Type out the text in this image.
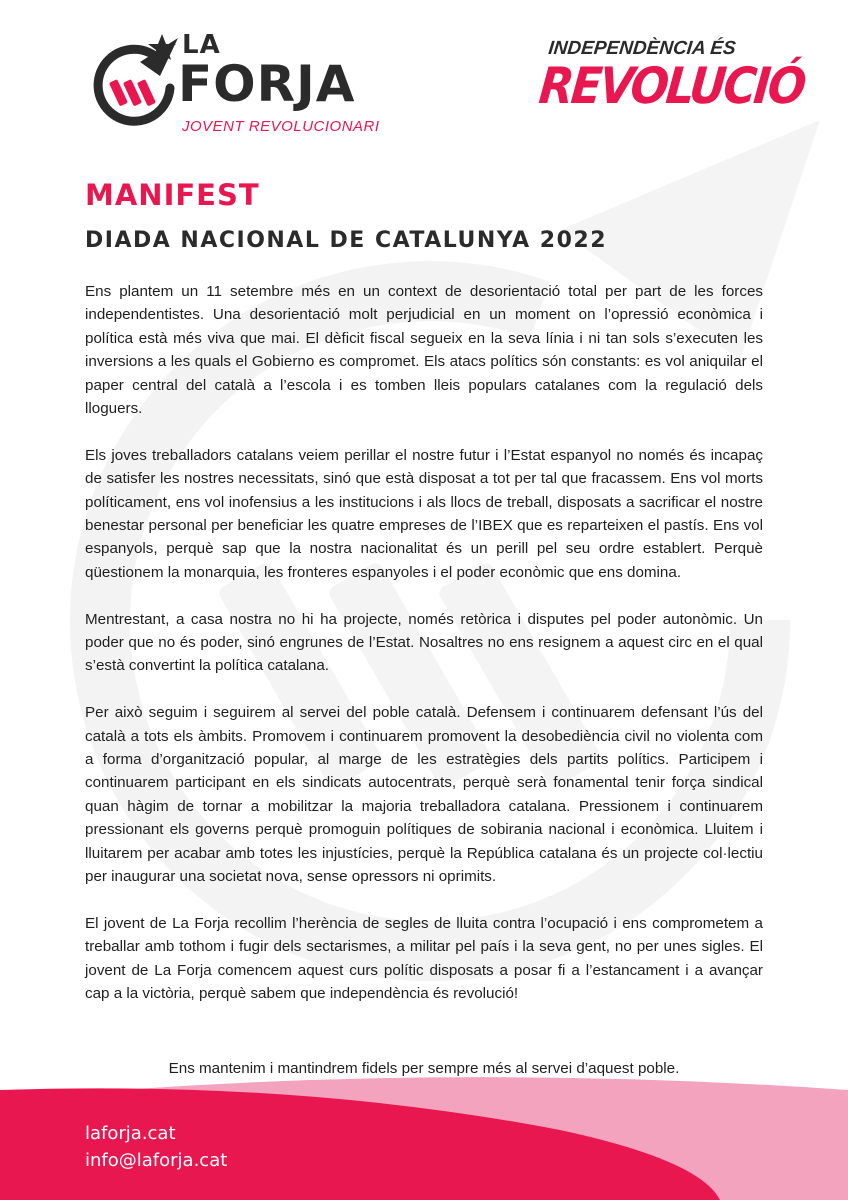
LA
FORJA
JOVENT REVOLUCIONARI
INDEPENDÈNCIA ÉS
REVOLUCIÓ
MANIFEST
DIADA NACIONAL DE CATALUNYA 2022

Ens plantem un 11 setembre més en un context de desorientació total per part de les forces independentistes. Una desorientació molt perjudicial en un moment on l’opressió econòmica i política està més viva que mai. El dèficit fiscal segueix en la seva línia i ni tan sols s’executen les inversions a les quals el Gobierno es compromet. Els atacs polítics són constants: es vol aniquilar el paper central del català a l’escola i es tomben lleis populars catalanes com la regulació dels lloguers.

Els joves treballadors catalans veiem perillar el nostre futur i l’Estat espanyol no només és incapaç de satisfer les nostres necessitats, sinó que està disposat a tot per tal que fracassem. Ens vol morts políticament, ens vol inofensius a les institucions i als llocs de treball, disposats a sacrificar el nostre benestar personal per beneficiar les quatre empreses de l’IBEX que es reparteixen el pastís. Ens vol espanyols, perquè sap que la nostra nacionalitat és un perill pel seu ordre establert. Perquè qüestionem la monarquia, les fronteres espanyoles i el poder econòmic que ens domina.

Mentrestant, a casa nostra no hi ha projecte, només retòrica i disputes pel poder autonòmic. Un poder que no és poder, sinó engrunes de l’Estat. Nosaltres no ens resignem a aquest circ en el qual s’està convertint la política catalana.

Per això seguim i seguirem al servei del poble català. Defensem i continuarem defensant l’ús del català a tots els àmbits. Promovem i continuarem promovent la desobediència civil no violenta com a forma d’organització popular, al marge de les estratègies dels partits polítics. Participem i continuarem participant en els sindicats autocentrats, perquè serà fonamental tenir força sindical quan hàgim de tornar a mobilitzar la majoria treballadora catalana. Pressionem i continuarem pressionant els governs perquè promoguin polítiques de sobirania nacional i econòmica. Lluitem i lluitarem per acabar amb totes les injustícies, perquè la República catalana és un projecte col·lectiu per inaugurar una societat nova, sense opressors ni oprimits.

El jovent de La Forja recollim l’herència de segles de lluita contra l’ocupació i ens comprometem a treballar amb tothom i fugir dels sectarismes, a militar pel país i la seva gent, no per unes sigles. El jovent de La Forja comencem aquest curs polític disposats a posar fi a l’estancament i a avançar cap a la victòria, perquè sabem que independència és revolució!

Ens mantenim i mantindrem fidels per sempre més al servei d’aquest poble.

laforja.cat
info@laforja.cat
